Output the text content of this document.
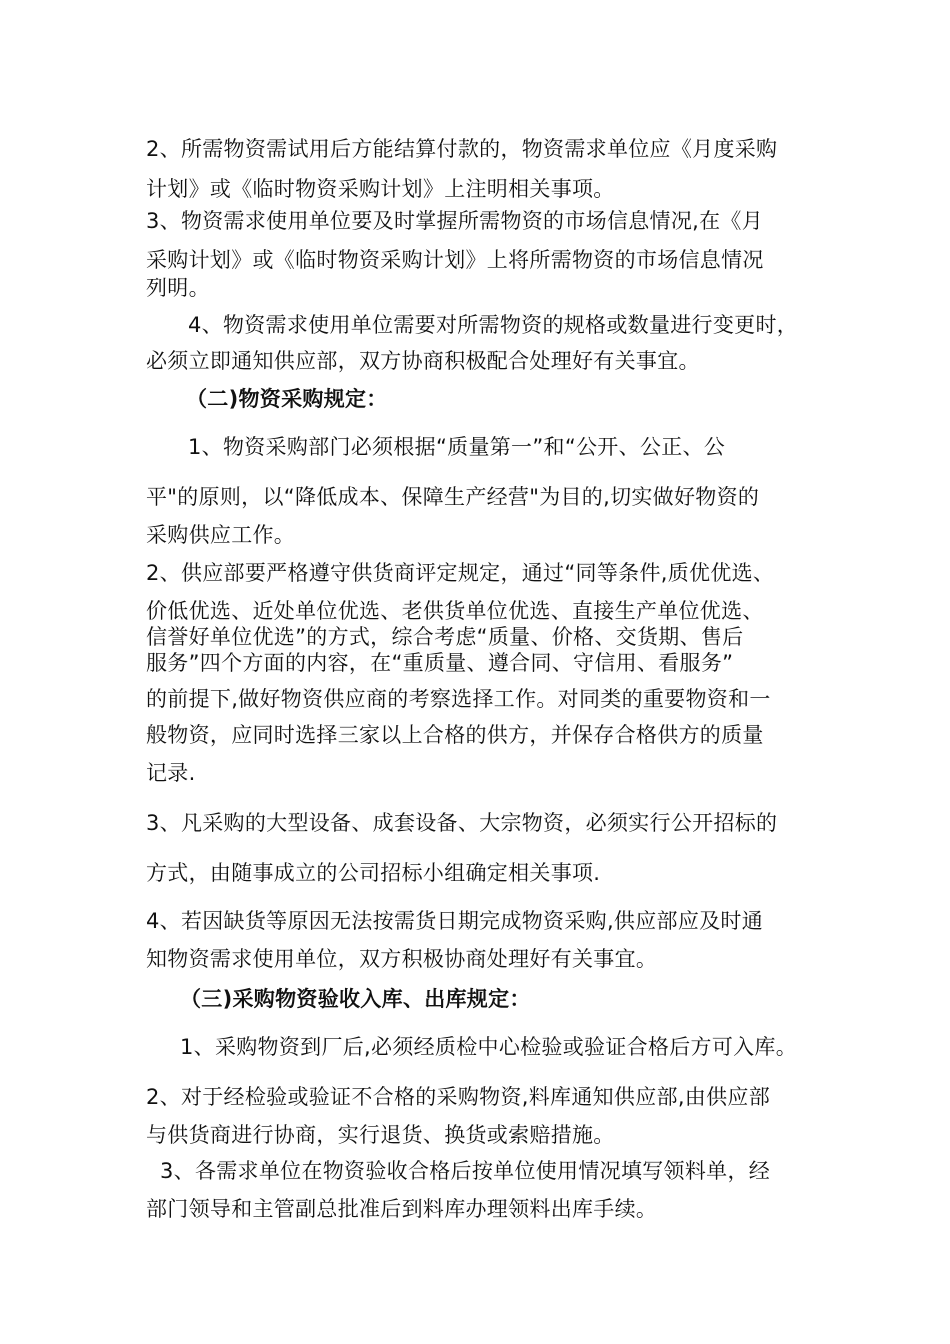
2、所需物资需试用后方能结算付款的，物资需求单位应《月度采购
计划》或《临时物资采购计划》上注明相关事项。
3、物资需求使用单位要及时掌握所需物资的市场信息情况,在《月
采购计划》或《临时物资采购计划》上将所需物资的市场信息情况
列明。
4、物资需求使用单位需要对所需物资的规格或数量进行变更时，
必须立即通知供应部，双方协商积极配合处理好有关事宜。
（二)物资采购规定：
1、物资采购部门必须根据“质量第一”和“公开、公正、公
平"的原则，以“降低成本、保障生产经营"为目的,切实做好物资的
采购供应工作。
2、供应部要严格遵守供货商评定规定，通过“同等条件,质优优选、
价低优选、近处单位优选、老供货单位优选、直接生产单位优选、
信誉好单位优选”的方式，综合考虑“质量、价格、交货期、售后
服务”四个方面的内容，在“重质量、遵合同、守信用、看服务”
的前提下,做好物资供应商的考察选择工作。对同类的重要物资和一
般物资，应同时选择三家以上合格的供方，并保存合格供方的质量
记录.
3、凡采购的大型设备、成套设备、大宗物资，必须实行公开招标的
方式，由随事成立的公司招标小组确定相关事项.
4、若因缺货等原因无法按需货日期完成物资采购,供应部应及时通
知物资需求使用单位，双方积极协商处理好有关事宜。
（三)采购物资验收入库、出库规定：
1、采购物资到厂后,必须经质检中心检验或验证合格后方可入库。
2、对于经检验或验证不合格的采购物资,料库通知供应部,由供应部
与供货商进行协商，实行退货、换货或索赔措施。
3、各需求单位在物资验收合格后按单位使用情况填写领料单，经
部门领导和主管副总批准后到料库办理领料出库手续。
